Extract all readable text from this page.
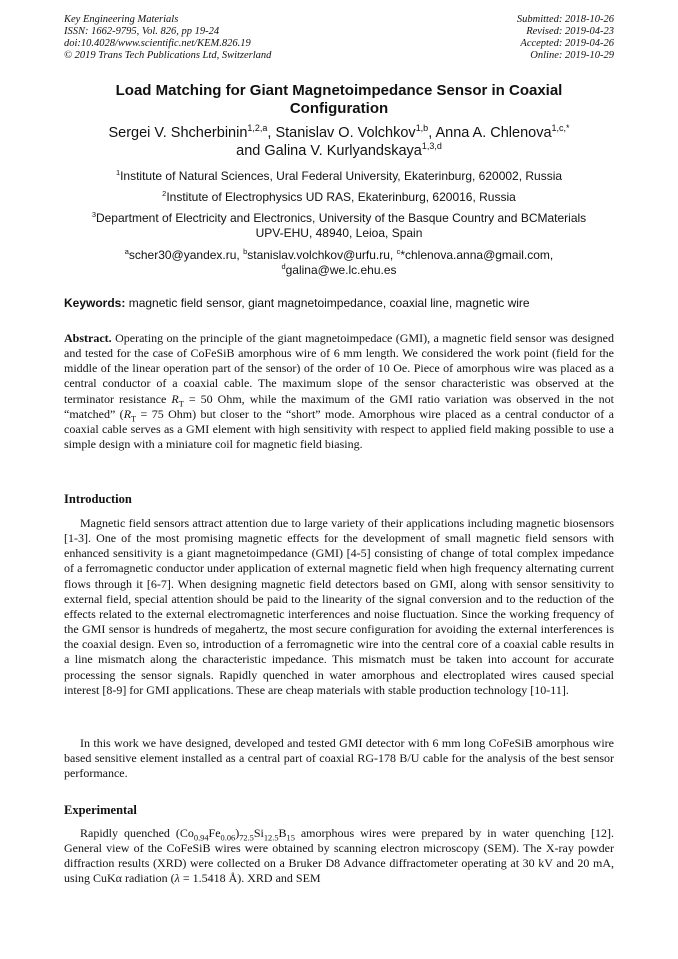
Key Engineering Materials
ISSN: 1662-9795, Vol. 826, pp 19-24
doi:10.4028/www.scientific.net/KEM.826.19
© 2019 Trans Tech Publications Ltd, Switzerland
Submitted: 2018-10-26
Revised: 2019-04-23
Accepted: 2019-04-26
Online: 2019-10-29
Load Matching for Giant Magnetoimpedance Sensor in Coaxial
Configuration
Sergei V. Shcherbinin$^{1,2,a}$, Stanislav O. Volchkov$^{1,b}$, Anna A. Chlenova$^{1,c,*}$
and Galina V. Kurlyandskaya$^{1,3,d}$
$^1$Institute of Natural Sciences, Ural Federal University, Ekaterinburg, 620002, Russia
$^2$Institute of Electrophysics UD RAS, Ekaterinburg, 620016, Russia
$^3$Department of Electricity and Electronics, University of the Basque Country and BCMaterials
UPV-EHU, 48940, Leioa, Spain
$^a$scher30@yandex.ru, $^b$stanislav.volchkov@urfu.ru, $^c$*chlenova.anna@gmail.com,
$^d$galina@we.lc.ehu.es
Keywords: magnetic field sensor, giant magnetoimpedance, coaxial line, magnetic wire
Abstract. Operating on the principle of the giant magnetoimpedace (GMI), a magnetic field sensor was designed and tested for the case of CoFeSiB amorphous wire of 6 mm length. We considered the work point (field for the middle of the linear operation part of the sensor) of the order of 10 Oe. Piece of amorphous wire was placed as a central conductor of a coaxial cable. The maximum slope of the sensor characteristic was observed at the terminator resistance $R_T = 50$ Ohm, while the maximum of the GMI ratio variation was observed in the not “matched” ($R_T = 75$ Ohm) but closer to the “short” mode. Amorphous wire placed as a central conductor of a coaxial cable serves as a GMI element with high sensitivity with respect to applied field making possible to use a simple design with a miniature coil for magnetic field biasing.
Introduction

Magnetic field sensors attract attention due to large variety of their applications including magnetic biosensors [1-3]. One of the most promising magnetic effects for the development of small magnetic field sensors with enhanced sensitivity is a giant magnetoimpedance (GMI) [4-5] consisting of change of total complex impedance of a ferromagnetic conductor under application of external magnetic field when high frequency alternating current flows through it [6-7]. When designing magnetic field detectors based on GMI, along with sensor sensitivity to external field, special attention should be paid to the linearity of the signal conversion and to the reduction of the effects related to the external electromagnetic interferences and noise fluctuation. Since the working frequency of the GMI sensor is hundreds of megahertz, the most secure configuration for avoiding the external interferences is the coaxial design. Even so, introduction of a ferromagnetic wire into the central core of a coaxial cable results in a line mismatch along the characteristic impedance. This mismatch must be taken into account for accurate processing the sensor signals. Rapidly quenched in water amorphous and electroplated wires caused special interest [8-9] for GMI applications. These are cheap materials with stable production technology [10-11].

In this work we have designed, developed and tested GMI detector with 6 mm long CoFeSiB amorphous wire based sensitive element installed as a central part of coaxial RG-178 B/U cable for the analysis of the best sensor performance.

Experimental

Rapidly quenched $(Co_{0.94}Fe_{0.06})_{72.5}Si_{12.5}B_{15}$ amorphous wires were prepared by in water quenching [12]. General view of the CoFeSiB wires were obtained by scanning electron microscopy (SEM). The X-ray powder diffraction results (XRD) were collected on a Bruker D8 Advance diffractometer operating at 30 kV and 20 mA, using CuKα radiation (λ = 1.5418 Å). XRD and SEM
